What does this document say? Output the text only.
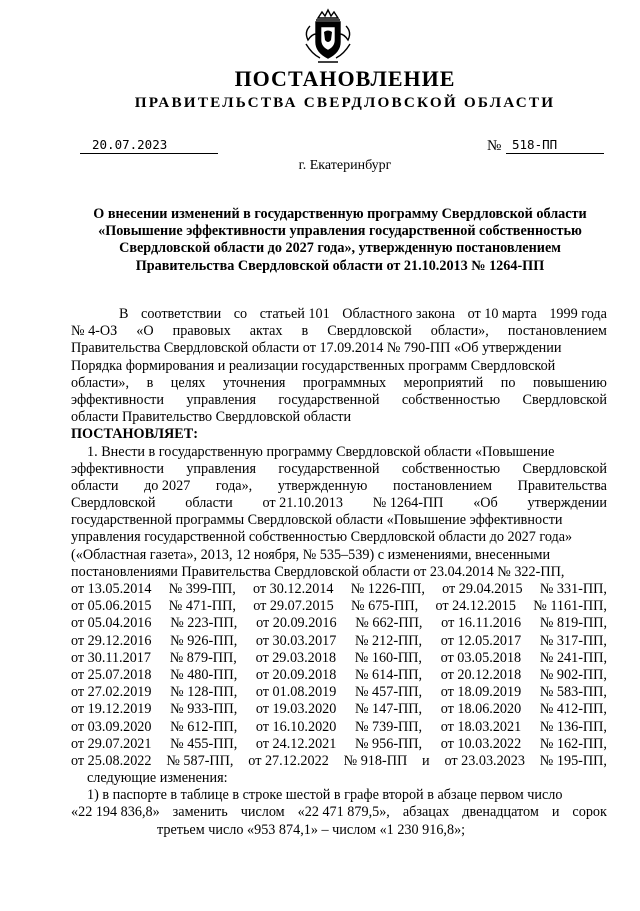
ПОСТАНОВЛЕНИЕ
ПРАВИТЕЛЬСТВА СВЕРДЛОВСКОЙ ОБЛАСТИ
20.07.2023	№ 518-ПП
г. Екатеринбург
О внесении изменений в государственную программу Свердловской области
«Повышение эффективности управления государственной собственностью
Свердловской области до 2027 года», утвержденную постановлением
Правительства Свердловской области от 21.10.2013 № 1264-ПП
В соответствии со статьей 101 Областного закона от 10 марта 1999 года
№ 4-ОЗ «О правовых актах в Свердловской области», постановлением
Правительства Свердловской области от 17.09.2014 № 790-ПП «Об утверждении
Порядка формирования и реализации государственных программ Свердловской
области», в целях уточнения программных мероприятий по повышению
эффективности управления государственной собственностью Свердловской
области Правительство Свердловской области
ПОСТАНОВЛЯЕТ:
1. Внести в государственную программу Свердловской области «Повышение
эффективности управления государственной собственностью Свердловской
области до 2027 года», утвержденную постановлением Правительства
Свердловской области от 21.10.2013 № 1264-ПП «Об утверждении
государственной программы Свердловской области «Повышение эффективности
управления государственной собственностью Свердловской области до 2027 года»
(«Областная газета», 2013, 12 ноября, № 535–539) с изменениями, внесенными
постановлениями Правительства Свердловской области от 23.04.2014 № 322-ПП,
от 13.05.2014 № 399-ПП, от 30.12.2014 № 1226-ПП, от 29.04.2015 № 331-ПП,
от 05.06.2015 № 471-ПП, от 29.07.2015 № 675-ПП, от 24.12.2015 № 1161-ПП,
от 05.04.2016 № 223-ПП, от 20.09.2016 № 662-ПП, от 16.11.2016 № 819-ПП,
от 29.12.2016 № 926-ПП, от 30.03.2017 № 212-ПП, от 12.05.2017 № 317-ПП,
от 30.11.2017 № 879-ПП, от 29.03.2018 № 160-ПП, от 03.05.2018 № 241-ПП,
от 25.07.2018 № 480-ПП, от 20.09.2018 № 614-ПП, от 20.12.2018 № 902-ПП,
от 27.02.2019 № 128-ПП, от 01.08.2019 № 457-ПП, от 18.09.2019 № 583-ПП,
от 19.12.2019 № 933-ПП, от 19.03.2020 № 147-ПП, от 18.06.2020 № 412-ПП,
от 03.09.2020 № 612-ПП, от 16.10.2020 № 739-ПП, от 18.03.2021 № 136-ПП,
от 29.07.2021 № 455-ПП, от 24.12.2021 № 956-ПП, от 10.03.2022 № 162-ПП,
от 25.08.2022 № 587-ПП, от 27.12.2022 № 918-ПП и от 23.03.2023 № 195-ПП,
следующие изменения:
1) в паспорте в таблице в строке шестой в графе второй в абзаце первом число
«22 194 836,8» заменить числом «22 471 879,5», абзацах двенадцатом и сорок
третьем число «953 874,1» – числом «1 230 916,8»;
